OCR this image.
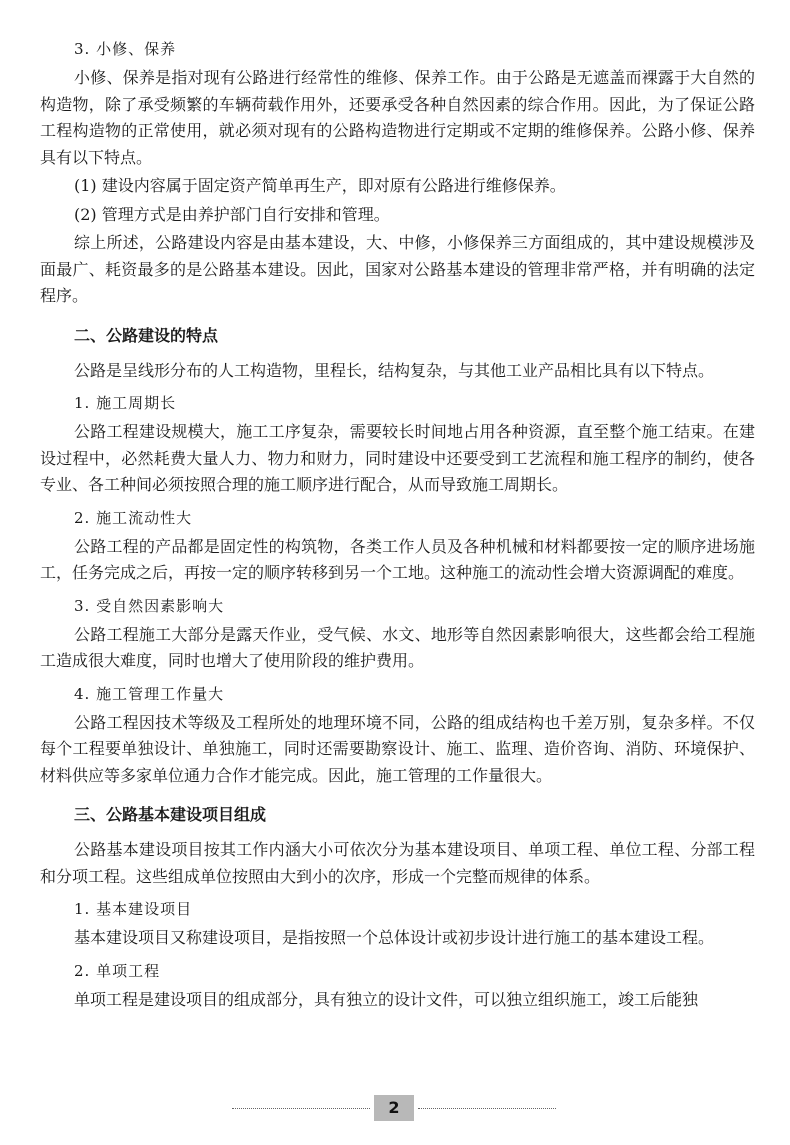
3. 小修、保养

小修、保养是指对现有公路进行经常性的维修、保养工作。由于公路是无遮盖而裸露于大自然的构造物，除了承受频繁的车辆荷载作用外，还要承受各种自然因素的综合作用。因此，为了保证公路工程构造物的正常使用，就必须对现有的公路构造物进行定期或不定期的维修保养。公路小修、保养具有以下特点。

(1) 建设内容属于固定资产简单再生产，即对原有公路进行维修保养。

(2) 管理方式是由养护部门自行安排和管理。

综上所述，公路建设内容是由基本建设，大、中修，小修保养三方面组成的，其中建设规模涉及面最广、耗资最多的是公路基本建设。因此，国家对公路基本建设的管理非常严格，并有明确的法定程序。

二、公路建设的特点

公路是呈线形分布的人工构造物，里程长，结构复杂，与其他工业产品相比具有以下特点。

1. 施工周期长

公路工程建设规模大，施工工序复杂，需要较长时间地占用各种资源，直至整个施工结束。在建设过程中，必然耗费大量人力、物力和财力，同时建设中还要受到工艺流程和施工程序的制约，使各专业、各工种间必须按照合理的施工顺序进行配合，从而导致施工周期长。

2. 施工流动性大

公路工程的产品都是固定性的构筑物，各类工作人员及各种机械和材料都要按一定的顺序进场施工，任务完成之后，再按一定的顺序转移到另一个工地。这种施工的流动性会增大资源调配的难度。

3. 受自然因素影响大

公路工程施工大部分是露天作业，受气候、水文、地形等自然因素影响很大，这些都会给工程施工造成很大难度，同时也增大了使用阶段的维护费用。

4. 施工管理工作量大

公路工程因技术等级及工程所处的地理环境不同，公路的组成结构也千差万别，复杂多样。不仅每个工程要单独设计、单独施工，同时还需要勘察设计、施工、监理、造价咨询、消防、环境保护、材料供应等多家单位通力合作才能完成。因此，施工管理的工作量很大。

三、公路基本建设项目组成

公路基本建设项目按其工作内涵大小可依次分为基本建设项目、单项工程、单位工程、分部工程和分项工程。这些组成单位按照由大到小的次序，形成一个完整而规律的体系。

1. 基本建设项目

基本建设项目又称建设项目，是指按照一个总体设计或初步设计进行施工的基本建设工程。

2. 单项工程

单项工程是建设项目的组成部分，具有独立的设计文件，可以独立组织施工，竣工后能独

2
